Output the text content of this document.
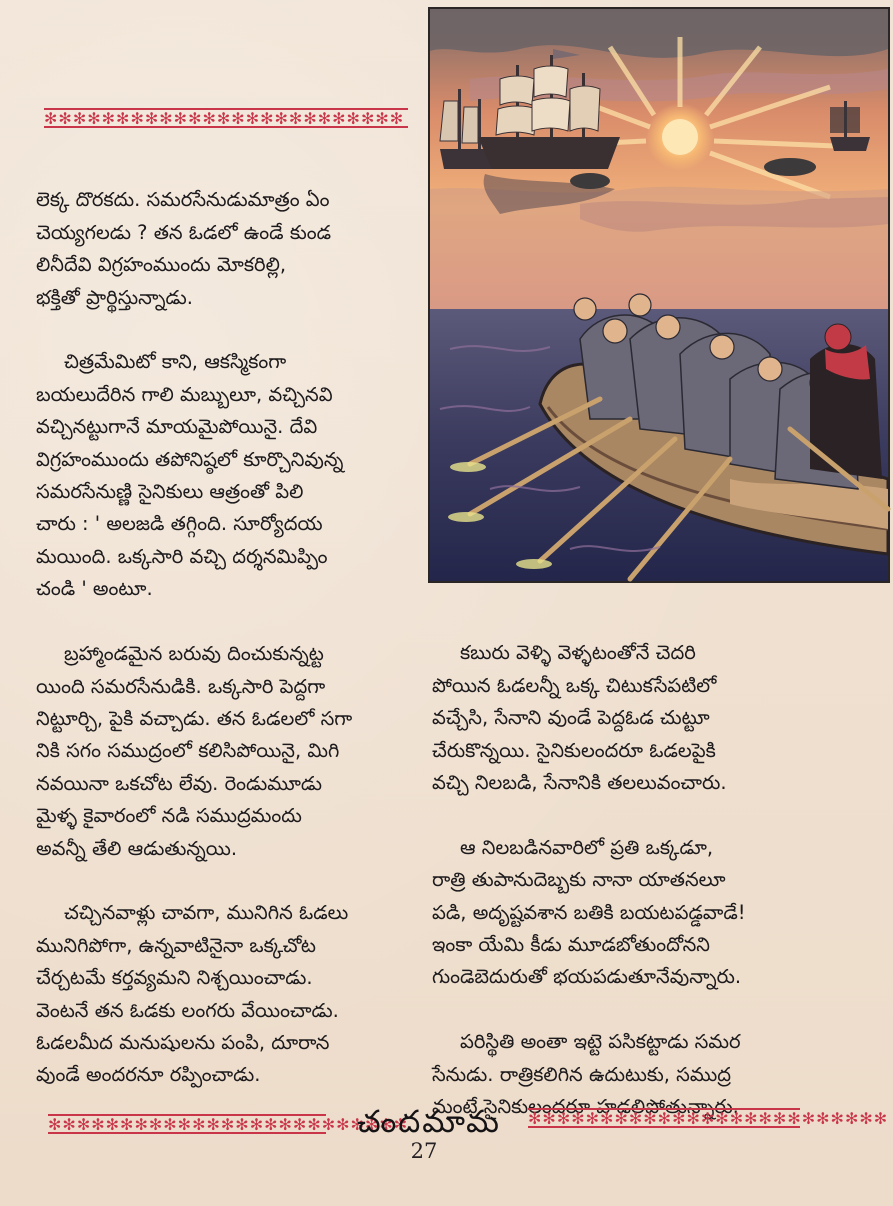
✻✻✻✻✻✻✻✻✻✻✻✻✻✻✻✻✻✻✻✻✻✻✻✻✻

లెక్క దొరకదు. సమరసేనుడుమాత్రం ఏం
చెయ్యగలడు ? తన ఓడలో ఉండే కుండ
లినీదేవి విగ్రహంముందు మోకరిల్లి,
భక్తితో ప్రార్థిస్తున్నాడు.

చిత్రమేమిటో కాని, ఆకస్మికంగా
బయలుదేరిన గాలి మబ్బులూ, వచ్చినవి
వచ్చినట్టుగానే మాయమైపోయినై. దేవి
విగ్రహంముందు తపోనిష్ఠలో కూర్చొనివున్న
సమరసేనుణ్ణి సైనికులు ఆత్రంతో పిలి
చారు : ' అలజడి తగ్గింది. సూర్యోదయ
మయింది. ఒక్కసారి వచ్చి దర్శనమిప్పిం
చండి ' అంటూ.

బ్రహ్మాండమైన బరువు దించుకున్నట్ట
యింది సమరసేనుడికి. ఒక్కసారి పెద్దగా
నిట్టూర్చి, పైకి వచ్చాడు. తన ఓడలలో సగా
నికి సగం సముద్రంలో కలిసిపోయినై, మిగి
నవయినా ఒకచోట లేవు. రెండుమూడు
మైళ్ళ కైవారంలో నడి సముద్రమందు
అవన్నీ తేలి ఆడుతున్నయి.

చచ్చినవాళ్లు చావగా, మునిగిన ఓడలు
మునిగిపోగా, ఉన్నవాటినైనా ఒక్కచోట
చేర్చటమే కర్తవ్యమని నిశ్చయించాడు.
వెంటనే తన ఓడకు లంగరు వేయించాడు.
ఓడలమీద మనుషులను పంపి, దూరాన
వుండే అందరనూ రప్పించాడు.

కబురు వెళ్ళి వెళ్ళటంతోనే చెదరి
పోయిన ఓడలన్నీ ఒక్క చిటుకసేపటిలో
వచ్చేసి, సేనాని వుండే పెద్దఓడ చుట్టూ
చేరుకొన్నయి. సైనికులందరూ ఓడలపైకి
వచ్చి నిలబడి, సేనానికి తలలువంచారు.

ఆ నిలబడినవారిలో ప్రతి ఒక్కడూ,
రాత్రి తుపానుదెబ్బకు నానా యాతనలూ
పడి, అదృష్టవశాన బతికి బయటపడ్డవాడే!
ఇంకా యేమి కీడు మూడబోతుందోనని
గుండెబెదురుతో భయపడుతూనేవున్నారు.

పరిస్థితి అంతా ఇట్టె పసికట్టాడు సమర
సేనుడు. రాత్రికలిగిన ఉదుటుకు, సముద్ర
మంటే సైనికులందరూ హడలిపోతున్నారు.

✻✻✻✻✻✻✻✻✻✻✻✻✻✻✻✻✻✻✻✻✻✻✻✻✻
చందమామ	✻✻✻✻✻✻✻✻✻✻✻✻✻✻✻✻✻✻✻✻✻✻✻✻✻
27
